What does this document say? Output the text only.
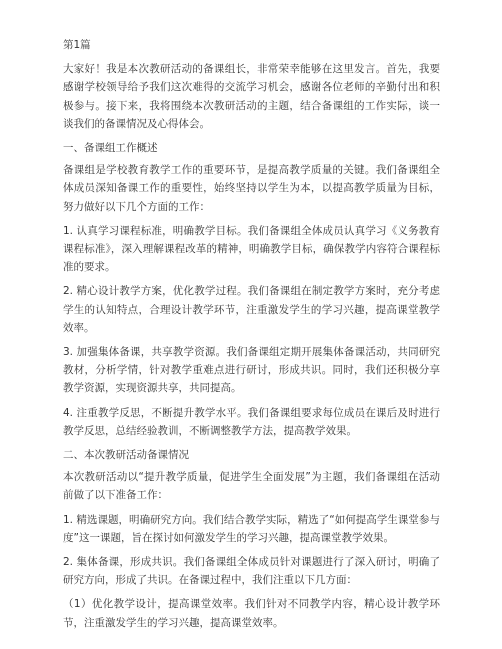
第1篇

大家好！我是本次教研活动的备课组长，非常荣幸能够在这里发言。首先，我要感谢学校领导给予我们这次难得的交流学习机会，感谢各位老师的辛勤付出和积极参与。接下来，我将围绕本次教研活动的主题，结合备课组的工作实际，谈一谈我们的备课情况及心得体会。

一、备课组工作概述

备课组是学校教育教学工作的重要环节，是提高教学质量的关键。我们备课组全体成员深知备课工作的重要性，始终坚持以学生为本，以提高教学质量为目标，努力做好以下几个方面的工作：

1. 认真学习课程标准，明确教学目标。我们备课组全体成员认真学习《义务教育课程标准》，深入理解课程改革的精神，明确教学目标，确保教学内容符合课程标准的要求。

2. 精心设计教学方案，优化教学过程。我们备课组在制定教学方案时，充分考虑学生的认知特点，合理设计教学环节，注重激发学生的学习兴趣，提高课堂教学效率。

3. 加强集体备课，共享教学资源。我们备课组定期开展集体备课活动，共同研究教材，分析学情，针对教学重难点进行研讨，形成共识。同时，我们还积极分享教学资源，实现资源共享，共同提高。

4. 注重教学反思，不断提升教学水平。我们备课组要求每位成员在课后及时进行教学反思，总结经验教训，不断调整教学方法，提高教学效果。

二、本次教研活动备课情况

本次教研活动以“提升教学质量，促进学生全面发展”为主题，我们备课组在活动前做了以下准备工作：

1. 精选课题，明确研究方向。我们结合教学实际，精选了“如何提高学生课堂参与度”这一课题，旨在探讨如何激发学生的学习兴趣，提高课堂教学效果。

2. 集体备课，形成共识。我们备课组全体成员针对课题进行了深入研讨，明确了研究方向，形成了共识。在备课过程中，我们注重以下几方面：

（1）优化教学设计，提高课堂效率。我们针对不同教学内容，精心设计教学环节，注重激发学生的学习兴趣，提高课堂效率。
